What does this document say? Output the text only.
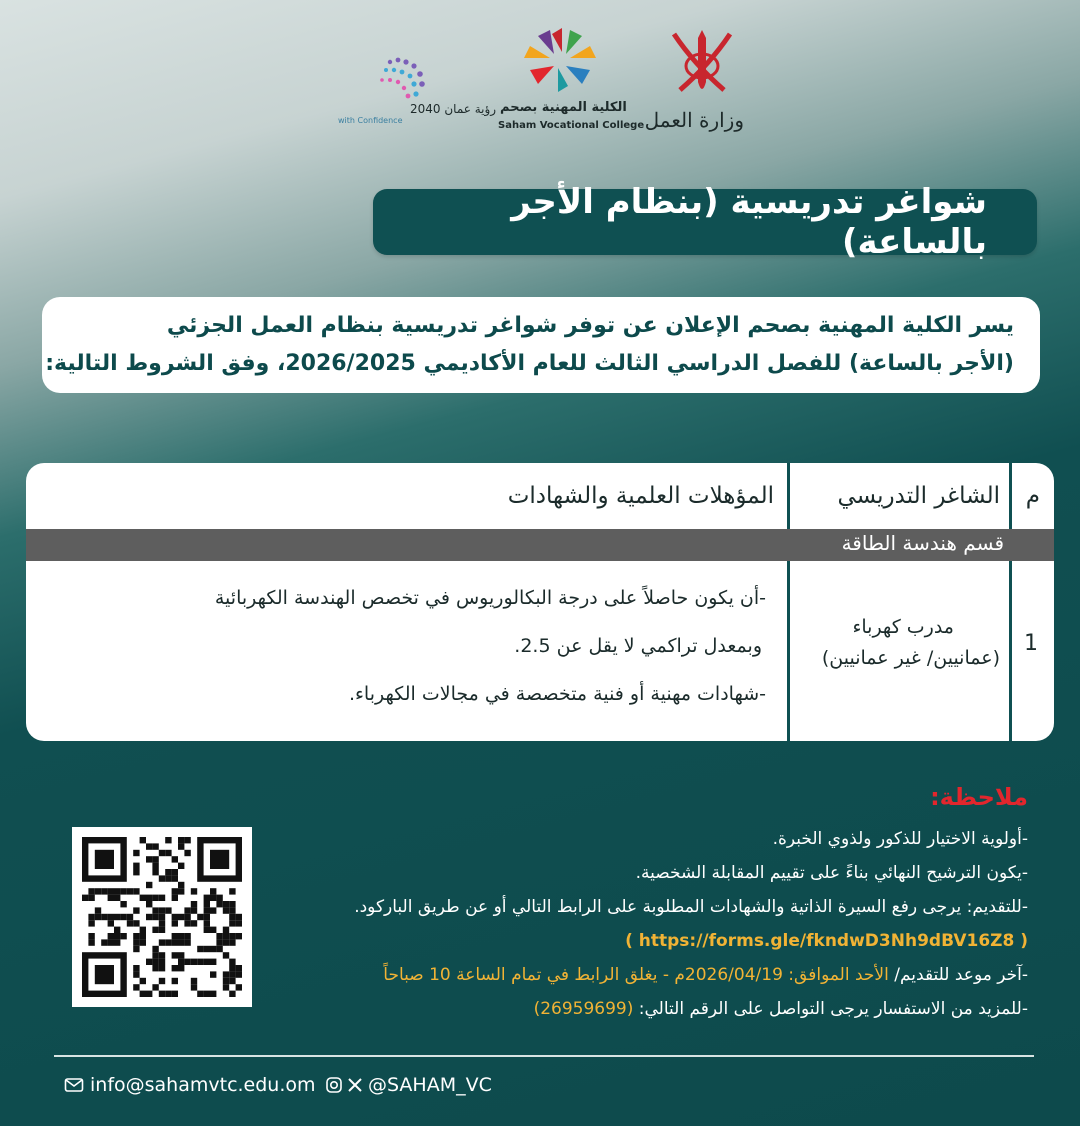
وزارة العمل
الكلية المهنية بصحم
Saham Vocational College
رؤية عمان 2040
with Confidence
شواغر تدريسية (بنظام الأجر بالساعة)
يسر الكلية المهنية بصحم الإعلان عن توفر شواغر تدريسية بنظام العمل الجزئي
(الأجر بالساعة) للفصل الدراسي الثالث للعام الأكاديمي 2026/2025، وفق الشروط التالية:
م
الشاغر التدريسي
المؤهلات العلمية والشهادات
قسم هندسة الطاقة
1
مدرب كهرباء
(عمانيين/ غير عمانيين)
-أن يكون حاصلاً على درجة البكالوريوس في تخصص الهندسة الكهربائية
وبمعدل تراكمي لا يقل عن 2.5.
-شهادات مهنية أو فنية متخصصة في مجالات الكهرباء.
ملاحظة:
-أولوية الاختيار للذكور ولذوي الخبرة.
-يكون الترشيح النهائي بناءً على تقييم المقابلة الشخصية.
-للتقديم: يرجى رفع السيرة الذاتية والشهادات المطلوبة على الرابط التالي أو عن طريق الباركود.
( https://forms.gle/fkndwD3Nh9dBV16Z8 )
-آخر موعد للتقديم/ الأحد الموافق: 2026/04/19م - يغلق الرابط في تمام الساعة 10 صباحاً
-للمزيد من الاستفسار يرجى التواصل على الرقم التالي: (26959699)
info@sahamvtc.edu.om	@SAHAM_VC
